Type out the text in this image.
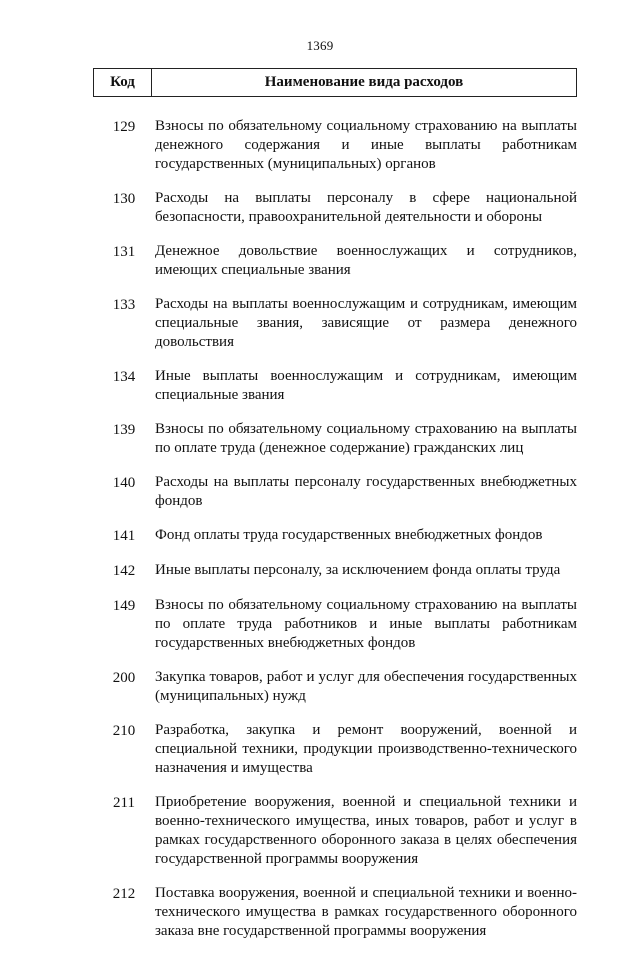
1369
Код	Наименование вида расходов
129	Взносы по обязательному социальному страхованию на выплаты денежного содержания и иные выплаты работникам государственных (муниципальных) органов
130	Расходы на выплаты персоналу в сфере национальной безопасности, правоохранительной деятельности и обороны
131	Денежное довольствие военнослужащих и сотрудников, имеющих специальные звания
133	Расходы на выплаты военнослужащим и сотрудникам, имеющим специальные звания, зависящие от размера денежного довольствия
134	Иные выплаты военнослужащим и сотрудникам, имеющим специальные звания
139	Взносы по обязательному социальному страхованию на выплаты по оплате труда (денежное содержание) гражданских лиц
140	Расходы на выплаты персоналу государственных внебюджетных фондов
141	Фонд оплаты труда государственных внебюджетных фондов
142	Иные выплаты персоналу, за исключением фонда оплаты труда
149	Взносы по обязательному социальному страхованию на выплаты по оплате труда работников и иные выплаты работникам государственных внебюджетных фондов
200	Закупка товаров, работ и услуг для обеспечения государственных (муниципальных) нужд
210	Разработка, закупка и ремонт вооружений, военной и специальной техники, продукции производственно-технического назначения и имущества
211	Приобретение вооружения, военной и специальной техники и военно-технического имущества, иных товаров, работ и услуг в рамках государственного оборонного заказа в целях обеспечения государственной программы вооружения
212	Поставка вооружения, военной и специальной техники и военно-технического имущества в рамках государственного оборонного заказа вне государственной программы вооружения
